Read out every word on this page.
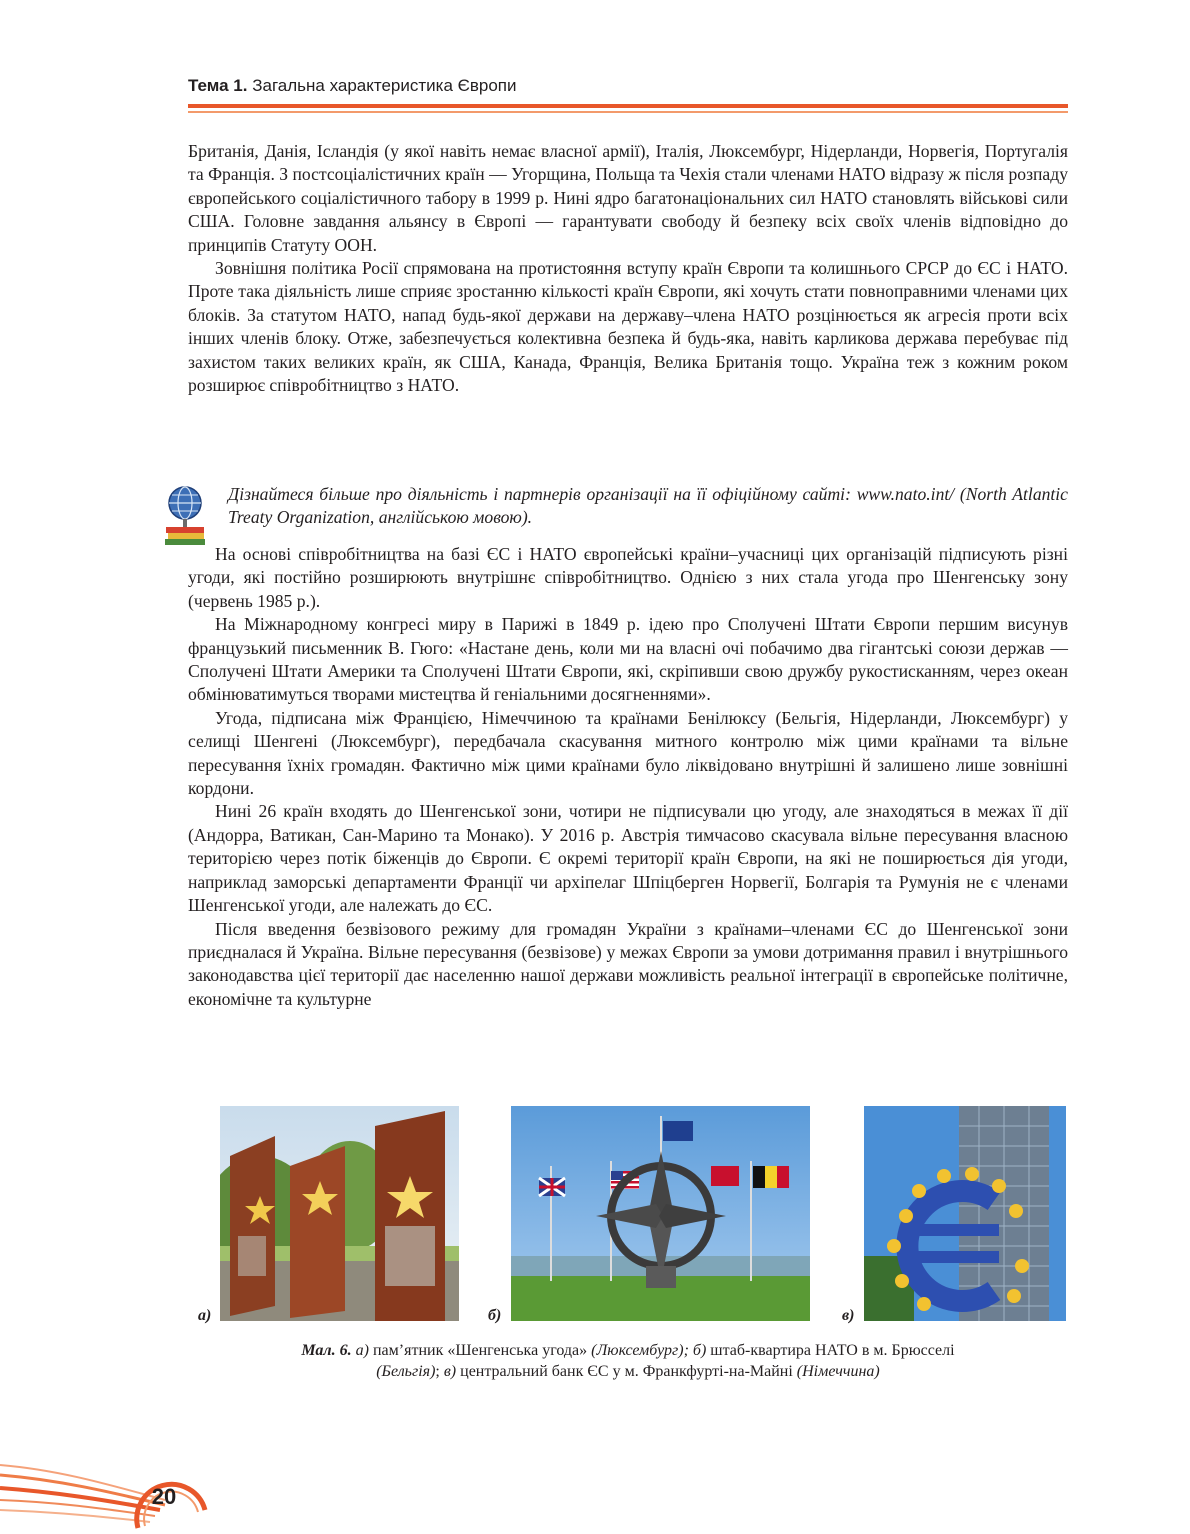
Тема 1. Загальна характеристика Європи

Британія, Данія, Ісландія (у якої навіть немає власної армії), Італія, Люксембург, Нідерланди, Норвегія, Португалія та Франція. З постсоціалістичних країн — Угорщина, Польща та Чехія стали членами НАТО відразу ж після розпаду європейського соціалістичного табору в 1999 р. Нині ядро багатонаціональних сил НАТО становлять військові сили США. Головне завдання альянсу в Європі — гарантувати свободу й безпеку всіх своїх членів відповідно до принципів Статуту ООН.

Зовнішня політика Росії спрямована на протистояння вступу країн Європи та колишнього СРСР до ЄС і НАТО. Проте така діяльність лише сприяє зростанню кількості країн Європи, які хочуть стати повноправними членами цих блоків. За статутом НАТО, напад будь-якої держави на державу–члена НАТО розцінюється як агресія проти всіх інших членів блоку. Отже, забезпечується колективна безпека й будь-яка, навіть карликова держава перебуває під захистом таких великих країн, як США, Канада, Франція, Велика Британія тощо. Україна теж з кожним роком розширює співробітництво з НАТО.

Дізнайтеся більше про діяльність і партнерів організації на її офіційному сайті: www.nato.int/ (North Atlantic Treaty Organization, англійською мовою).

На основі співробітництва на базі ЄС і НАТО європейські країни–учасниці цих організацій підписують різні угоди, які постійно розширюють внутрішнє співробітництво. Однією з них стала угода про Шенгенську зону (червень 1985 р.).

На Міжнародному конгресі миру в Парижі в 1849 р. ідею про Сполучені Штати Європи першим висунув французький письменник В. Гюго: «Настане день, коли ми на власні очі побачимо два гігантські союзи держав — Сполучені Штати Америки та Сполучені Штати Європи, які, скріпивши свою дружбу рукостисканням, через океан обмінюватимуться творами мистецтва й геніальними досягненнями».

Угода, підписана між Францією, Німеччиною та країнами Бенілюксу (Бельгія, Нідерланди, Люксембург) у селищі Шенгені (Люксембург), передбачала скасування митного контролю між цими країнами та вільне пересування їхніх громадян. Фактично між цими країнами було ліквідовано внутрішні й залишено лише зовнішні кордони.

Нині 26 країн входять до Шенгенської зони, чотири не підписували цю угоду, але знаходяться в межах її дії (Андорра, Ватикан, Сан-Марино та Монако). У 2016 р. Австрія тимчасово скасувала вільне пересування власною територією через потік біженців до Європи. Є окремі території країн Європи, на які не поширюється дія угоди, наприклад заморські департаменти Франції чи архіпелаг Шпіцберген Норвегії, Болгарія та Румунія не є членами Шенгенської угоди, але належать до ЄС.

Після введення безвізового режиму для громадян України з країнами–членами ЄС до Шенгенської зони приєдналася й Україна. Вільне пересування (безвізове) у межах Європи за умови дотримання правил і внутрішнього законодавства цієї території дає населенню нашої держави можливість реальної інтеграції в європейське політичне, економічне та культурне

а)	б)	в)
Мал. 6. а) пам’ятник «Шенгенська угода» (Люксембург); б) штаб-квартира НАТО в м. Брюсселі
(Бельгія); в) центральний банк ЄС у м. Франкфурті-на-Майні (Німеччина)
20
